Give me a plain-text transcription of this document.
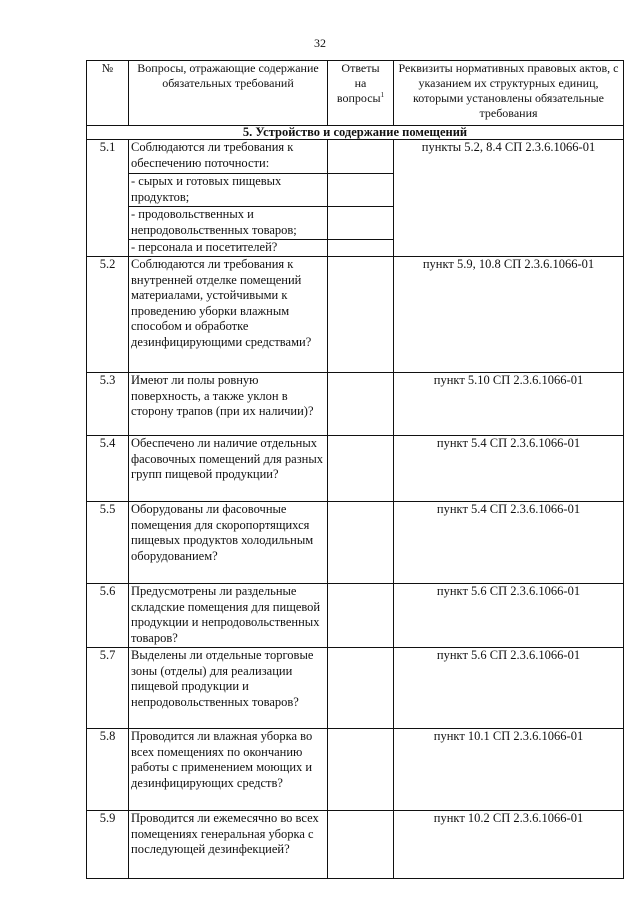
32
№	Вопросы, отражающие содержание обязательных требований	Ответы
на
вопросы$^1$	Реквизиты нормативных правовых актов, с указанием их структурных единиц, которыми установлены обязательные требования
5. Устройство и содержание помещений			
5.1	Соблюдаются ли требования к обеспечению поточности:		пункты 5.2, 8.4 СП 2.3.6.1066-01
	- сырых и готовых пищевых продуктов;		
	- продовольственных и непродовольственных товаров;		
	- персонала и посетителей?		
5.2	Соблюдаются ли требования к внутренней отделке помещений материалами, устойчивыми к проведению уборки влажным способом и обработке дезинфицирующими средствами?		пункт 5.9, 10.8 СП 2.3.6.1066-01
5.3	Имеют ли полы ровную поверхность, а также уклон в сторону трапов (при их наличии)?		пункт 5.10 СП 2.3.6.1066-01
5.4	Обеспечено ли наличие отдельных фасовочных помещений для разных групп пищевой продукции?		пункт 5.4 СП 2.3.6.1066-01
5.5	Оборудованы ли фасовочные помещения для скоропортящихся пищевых продуктов холодильным оборудованием?		пункт 5.4 СП 2.3.6.1066-01
5.6	Предусмотрены ли раздельные складские помещения для пищевой продукции и непродовольственных товаров?		пункт 5.6 СП 2.3.6.1066-01
5.7	Выделены ли отдельные торговые зоны (отделы) для реализации пищевой продукции и непродовольственных товаров?		пункт 5.6 СП 2.3.6.1066-01
5.8	Проводится ли влажная уборка во всех помещениях по окончанию работы с применением моющих и дезинфицирующих средств?		пункт 10.1 СП 2.3.6.1066-01
5.9	Проводится ли ежемесячно во всех помещениях генеральная уборка с последующей дезинфекцией?		пункт 10.2 СП 2.3.6.1066-01
